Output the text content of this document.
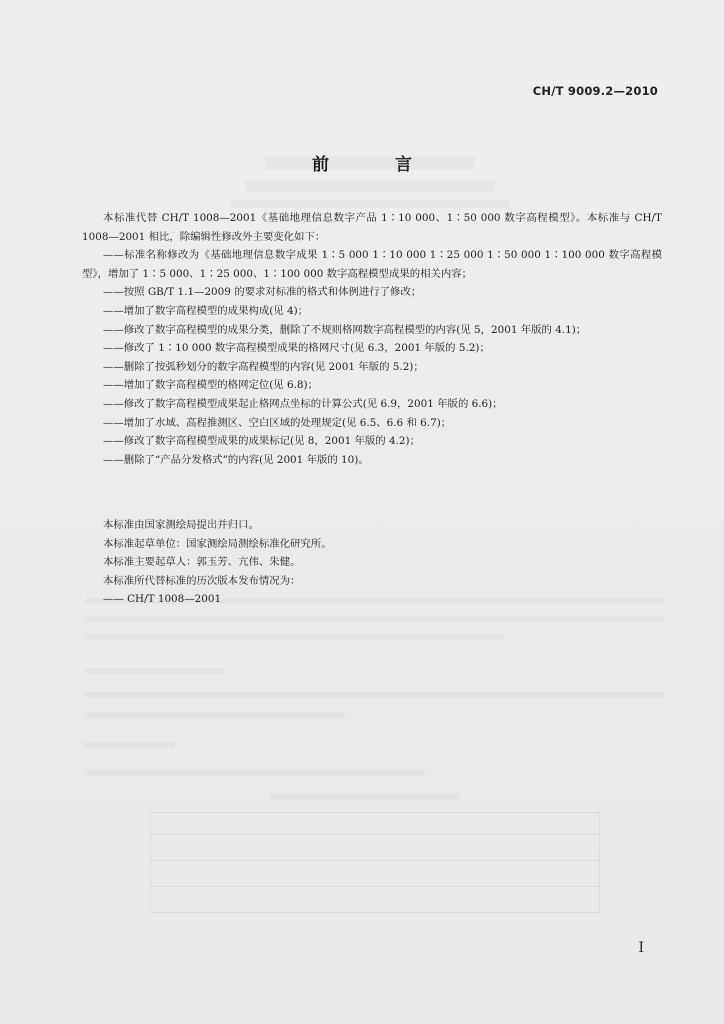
CH/T 9009.2—2010
前 言

本标准代替 CH/T 1008—2001《基础地理信息数字产品 1∶10 000、1∶50 000 数字高程模型》。本标准与 CH/T 1008—2001 相比，除编辑性修改外主要变化如下：

——标准名称修改为《基础地理信息数字成果 1∶5 000 1∶10 000 1∶25 000 1∶50 000 1∶100 000 数字高程模型》，增加了 1∶5 000、1∶25 000、1∶100 000 数字高程模型成果的相关内容；

——按照 GB/T 1.1—2009 的要求对标准的格式和体例进行了修改；

——增加了数字高程模型的成果构成(见 4)；

——修改了数字高程模型的成果分类，删除了不规则格网数字高程模型的内容(见 5，2001 年版的 4.1)；

——修改了 1∶10 000 数字高程模型成果的格网尺寸(见 6.3，2001 年版的 5.2)；

——删除了按弧秒划分的数字高程模型的内容(见 2001 年版的 5.2)；

——增加了数字高程模型的格网定位(见 6.8)；

——修改了数字高程模型成果起止格网点坐标的计算公式(见 6.9，2001 年版的 6.6)；

——增加了水域、高程推测区、空白区域的处理规定(见 6.5、6.6 和 6.7)；

——修改了数字高程模型成果的成果标记(见 8，2001 年版的 4.2)；

——删除了“产品分发格式”的内容(见 2001 年版的 10)。

本标准由国家测绘局提出并归口。

本标准起草单位：国家测绘局测绘标准化研究所。

本标准主要起草人：郭玉芳、亢伟、朱健。

本标准所代替标准的历次版本发布情况为：

—— CH/T 1008—2001

I
